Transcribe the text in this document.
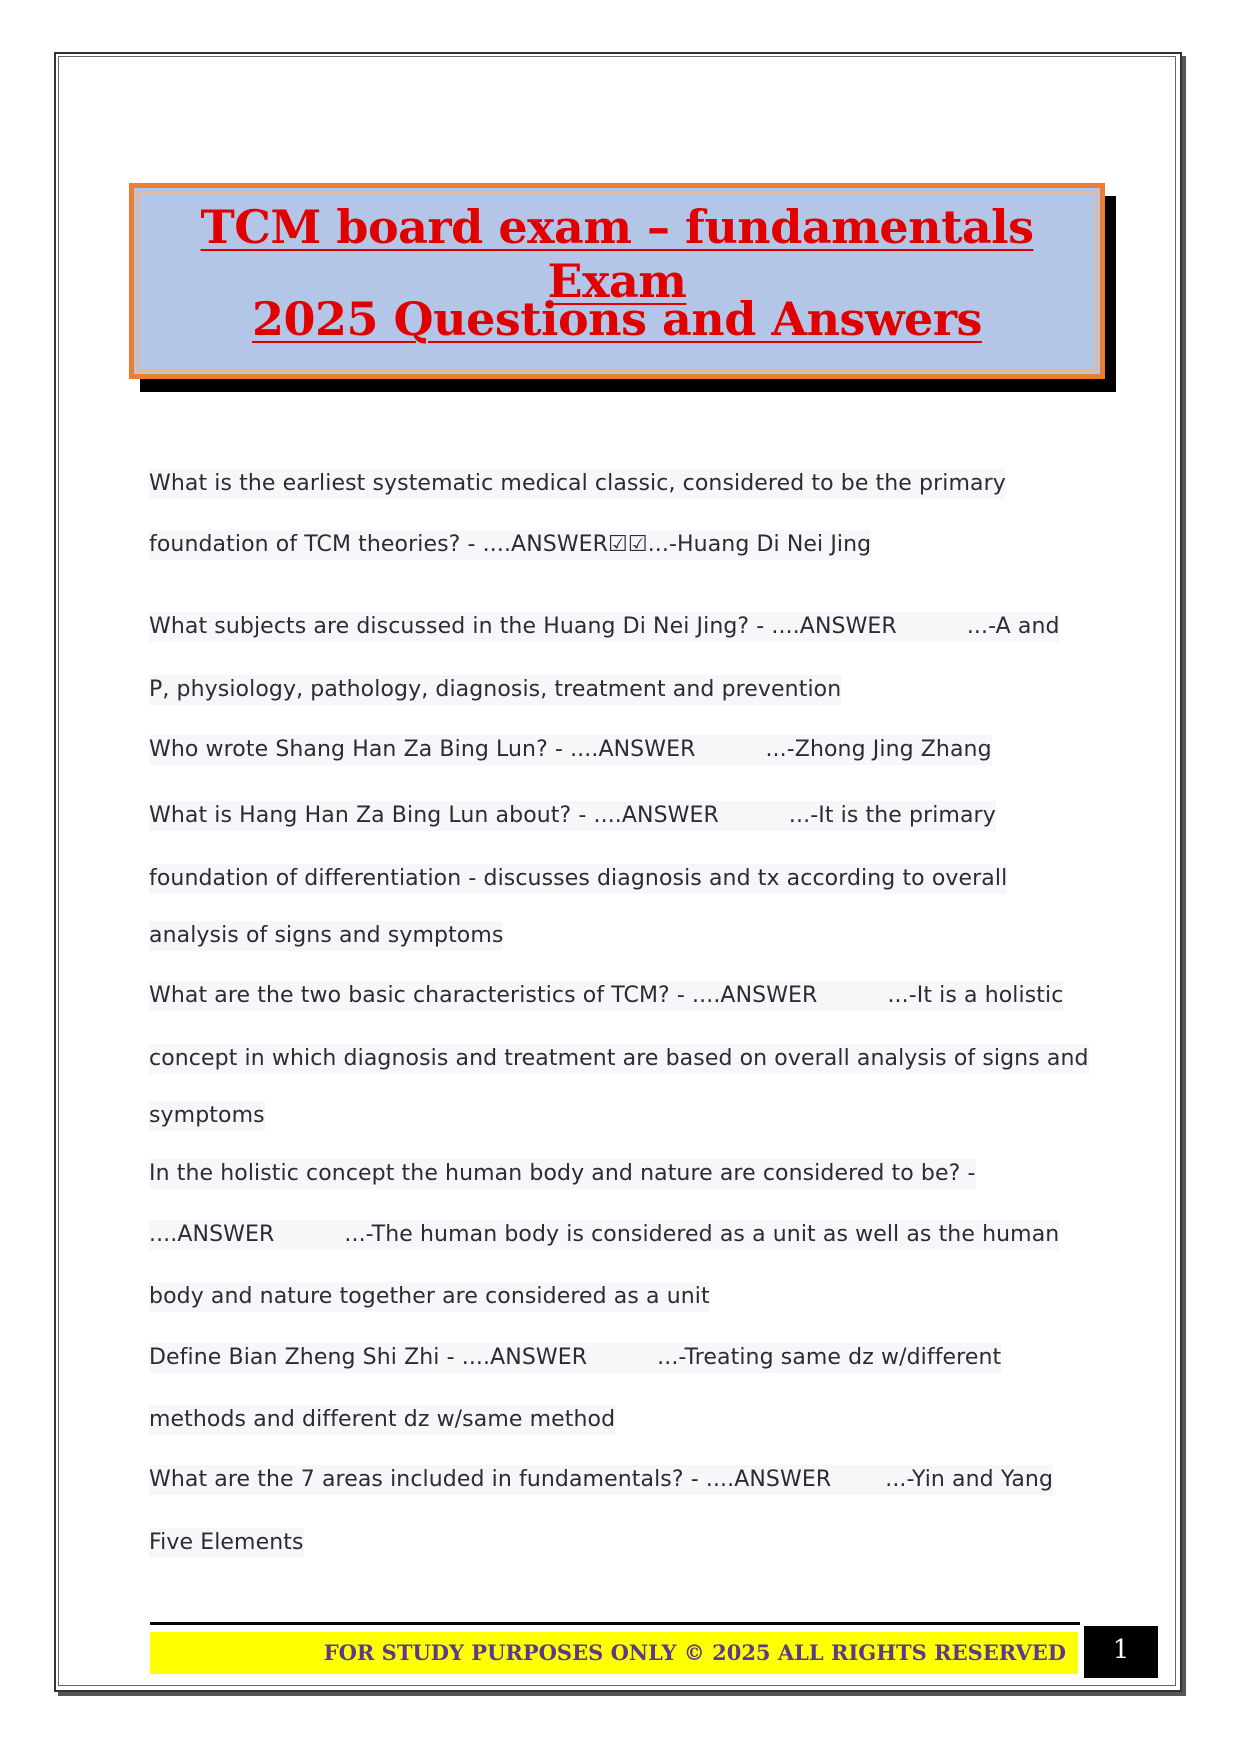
TCM board exam – fundamentals Exam
2025 Questions and Answers
What is the earliest systematic medical classic, considered to be the primary
foundation of TCM theories? - ....ANSWER☑☑...-Huang Di Nei Jing
What subjects are discussed in the Huang Di Nei Jing? - ....ANSWER	...-A and
P, physiology, pathology, diagnosis, treatment and prevention
Who wrote Shang Han Za Bing Lun? - ....ANSWER	...-Zhong Jing Zhang
What is Hang Han Za Bing Lun about? - ....ANSWER	...-It is the primary
foundation of differentiation - discusses diagnosis and tx according to overall
analysis of signs and symptoms
What are the two basic characteristics of TCM? - ....ANSWER	...-It is a holistic
concept in which diagnosis and treatment are based on overall analysis of signs and
symptoms
In the holistic concept the human body and nature are considered to be? -
....ANSWER	...-The human body is considered as a unit as well as the human
body and nature together are considered as a unit
Define Bian Zheng Shi Zhi - ....ANSWER	...-Treating same dz w/different
methods and different dz w/same method
What are the 7 areas included in fundamentals? - ....ANSWER ...-Yin and Yang
Five Elements
FOR STUDY PURPOSES ONLY © 2025 ALL RIGHTS RESERVED	1
